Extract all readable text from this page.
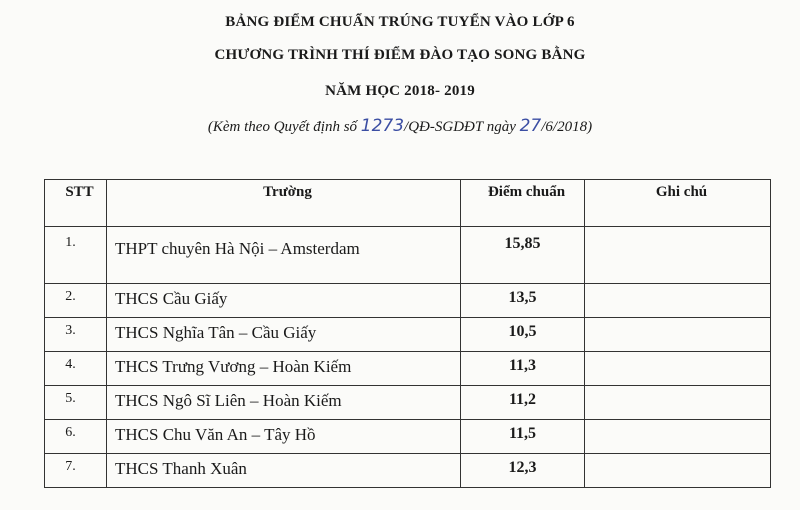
BẢNG ĐIỂM CHUẨN TRÚNG TUYỂN VÀO LỚP 6
CHƯƠNG TRÌNH THÍ ĐIỂM ĐÀO TẠO SONG BẰNG
NĂM HỌC 2018- 2019
(Kèm theo Quyết định số 1273/QĐ-SGDĐT ngày 27/6/2018)
STT	Trường	Điểm chuẩn	Ghi chú
1.	THPT chuyên Hà Nội – Amsterdam	15,85	
2.	THCS Cầu Giấy	13,5	
3.	THCS Nghĩa Tân – Cầu Giấy	10,5	
4.	THCS Trưng Vương – Hoàn Kiếm	11,3	
5.	THCS Ngô Sĩ Liên – Hoàn Kiếm	11,2	
6.	THCS Chu Văn An – Tây Hồ	11,5	
7.	THCS Thanh Xuân	12,3	
